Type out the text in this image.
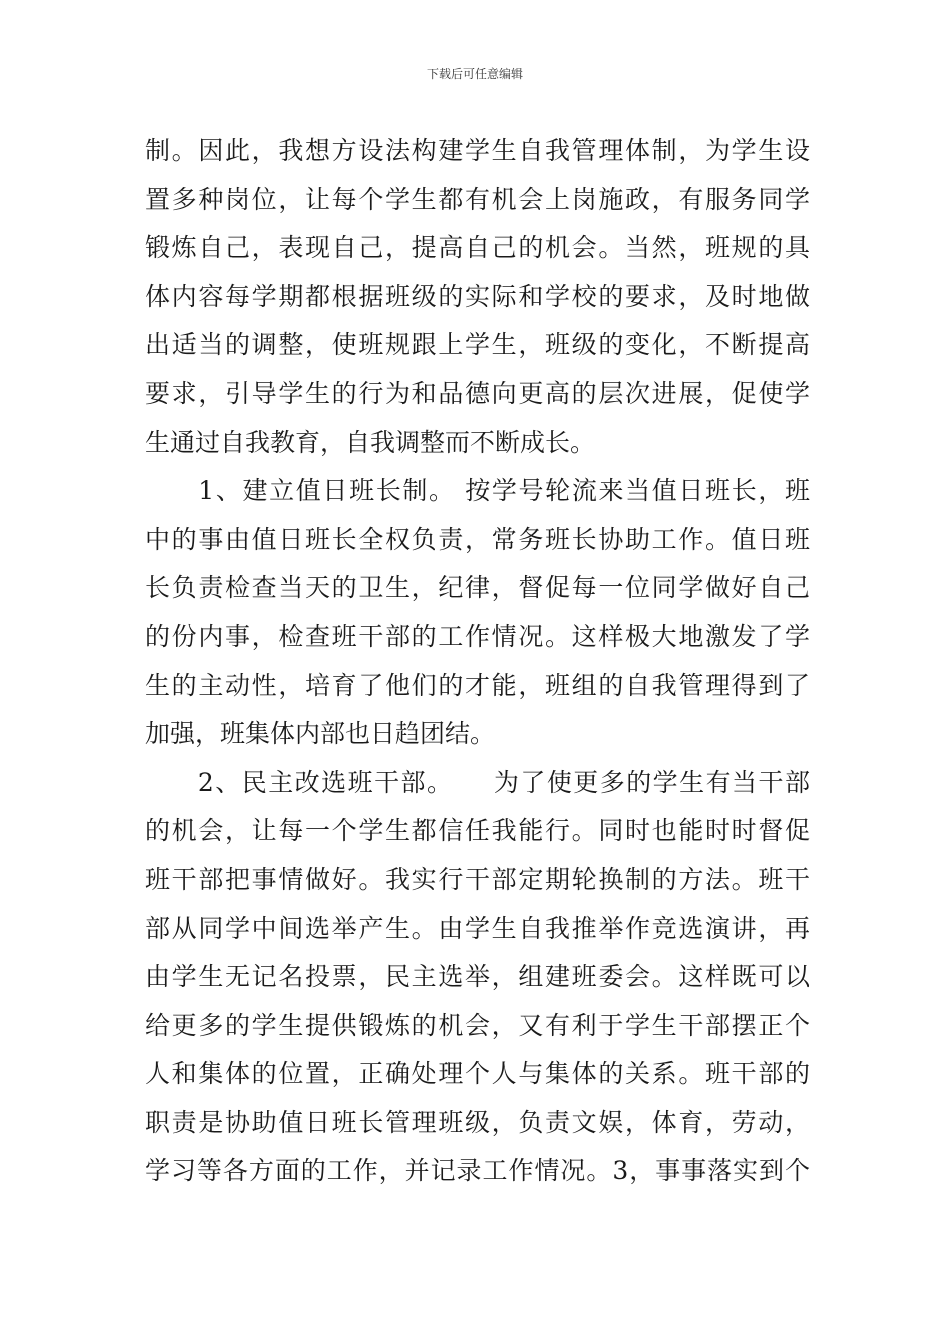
下载后可任意编辑
制。因此，我想方设法构建学生自我管理体制，为学生设
置多种岗位，让每个学生都有机会上岗施政，有服务同学
锻炼自己，表现自己，提高自己的机会。当然，班规的具
体内容每学期都根据班级的实际和学校的要求，及时地做
出适当的调整，使班规跟上学生，班级的变化，不断提高
要求，引导学生的行为和品德向更高的层次进展，促使学
生通过自我教育，自我调整而不断成长。
　　1、建立值日班长制。 按学号轮流来当值日班长，班
中的事由值日班长全权负责，常务班长协助工作。值日班
长负责检查当天的卫生，纪律，督促每一位同学做好自己
的份内事，检查班干部的工作情况。这样极大地激发了学
生的主动性，培育了他们的才能，班组的自我管理得到了
加强，班集体内部也日趋团结。
　　2、民主改选班干部。　　为了使更多的学生有当干部
的机会，让每一个学生都信任我能行。同时也能时时督促
班干部把事情做好。我实行干部定期轮换制的方法。班干
部从同学中间选举产生。由学生自我推举作竞选演讲，再
由学生无记名投票，民主选举，组建班委会。这样既可以
给更多的学生提供锻炼的机会，又有利于学生干部摆正个
人和集体的位置，正确处理个人与集体的关系。班干部的
职责是协助值日班长管理班级，负责文娱，体育，劳动，
学习等各方面的工作，并记录工作情况。3，事事落实到个
